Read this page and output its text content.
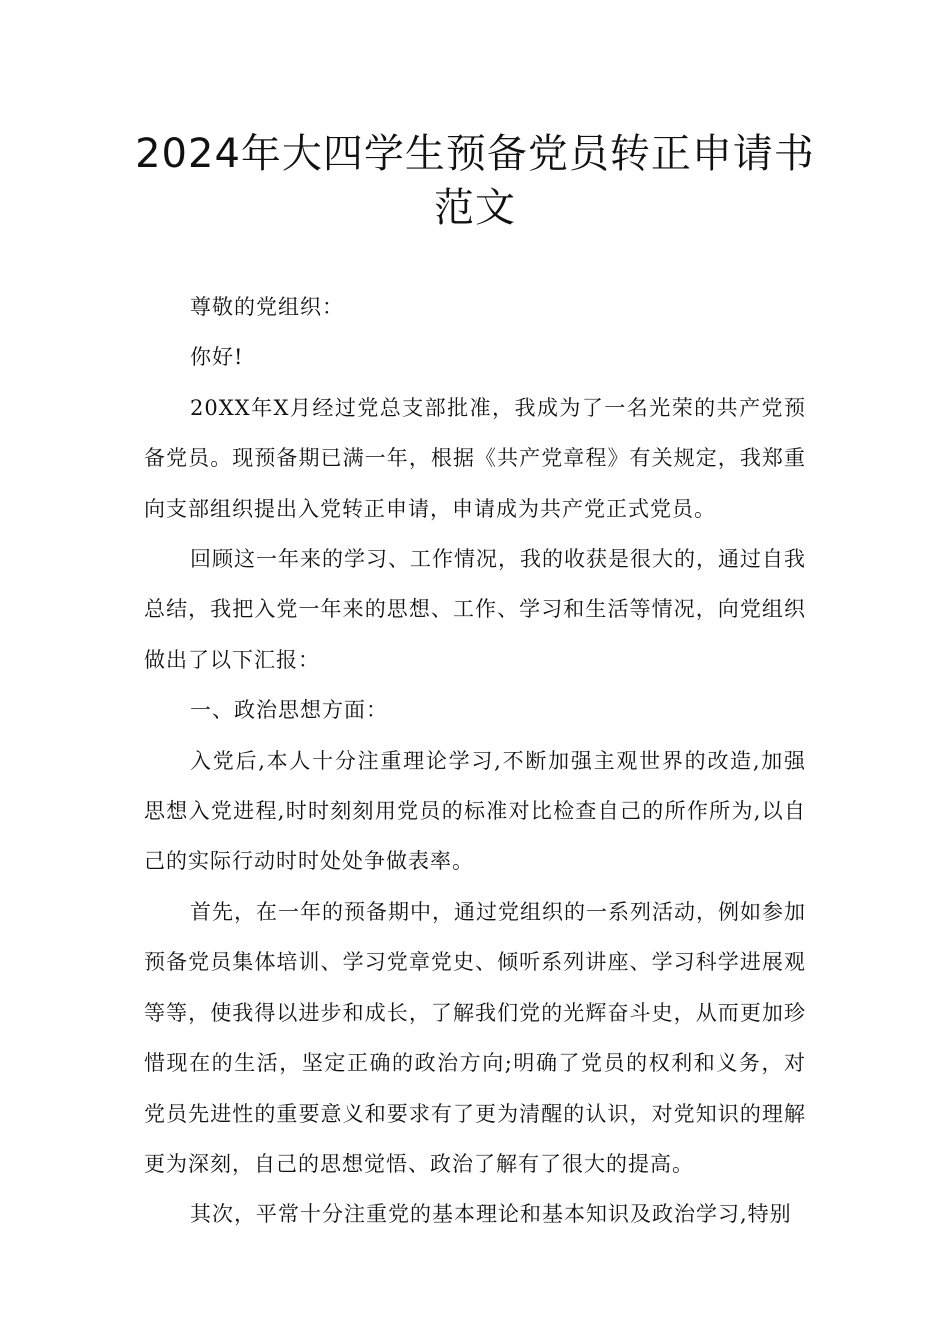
2024年大四学生预备党员转正申请书范文

尊敬的党组织：

你好!

20XX年X月经过党总支部批准，我成为了一名光荣的共产党预备党员。现预备期已满一年，根据《共产党章程》有关规定，我郑重向支部组织提出入党转正申请，申请成为共产党正式党员。

回顾这一年来的学习、工作情况，我的收获是很大的，通过自我总结，我把入党一年来的思想、工作、学习和生活等情况，向党组织做出了以下汇报：

一、政治思想方面：

入党后,本人十分注重理论学习,不断加强主观世界的改造,加强思想入党进程,时时刻刻用党员的标准对比检查自己的所作所为,以自己的实际行动时时处处争做表率。

首先，在一年的预备期中，通过党组织的一系列活动，例如参加预备党员集体培训、学习党章党史、倾听系列讲座、学习科学进展观等等，使我得以进步和成长，了解我们党的光辉奋斗史，从而更加珍惜现在的生活，坚定正确的政治方向;明确了党员的权利和义务，对党员先进性的重要意义和要求有了更为清醒的认识，对党知识的理解更为深刻，自己的思想觉悟、政治了解有了很大的提高。

其次，平常十分注重党的基本理论和基本知识及政治学习,特别
